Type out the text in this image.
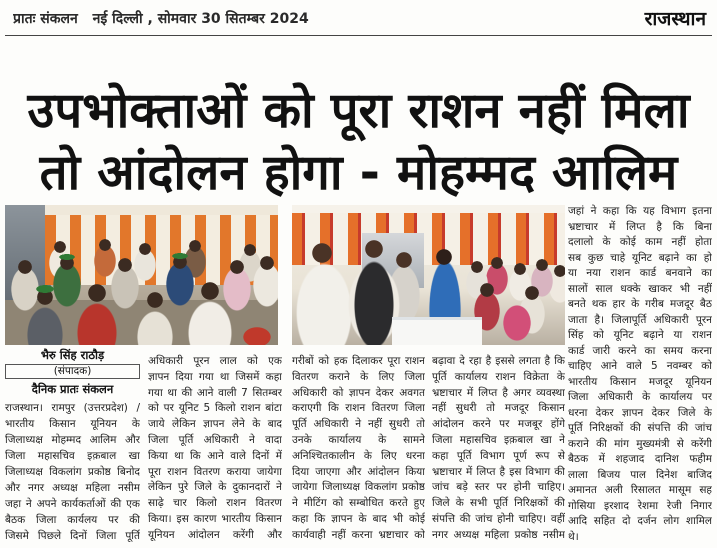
प्रातः संकलन नई दिल्ली , सोमवार 30 सितम्बर 2024	राजस्थान
उपभोक्ताओं को पूरा राशन नहीं मिला
तो आंदोलन होगा - मोहम्मद आलिम
भैरु सिंह राठौड़
(संपादक)
दैनिक प्रातः संकलन
राजस्थान। रामपुर (उत्तरप्रदेश) /
भारतीय किसान यूनियन के
जिलाध्यक्ष मोहम्मद आलिम और
जिला महासचिव इक़बाल खा
जिलाध्यक्ष विकलांग प्रकोष्ठ बिनोद
और नगर अध्यक्ष महिला नसीम
जहा ने अपने कार्यकर्ताओं की एक
बैठक जिला कार्यलय पर की
जिसमे पिछले दिनों जिला पूर्ति
अधिकारी पूरन लाल को एक
ज्ञापन दिया गया था जिसमें कहा
गया था की आने वाली 7 सितम्बर
को पर यूनिट 5 किलो राशन बांटा
जाये लेकिन ज्ञापन लेने के बाद
जिला पूर्ति अधिकारी ने वादा
किया था कि आने वाले दिनों में
पूरा राशन वितरण कराया जायेगा
लेकिन पुरे जिले के दुकानदारों ने
साढ़े चार किलो राशन वितरण
किया। इस कारण भारतीय किसान
यूनियन आंदोलन करेंगी और
गरीबों को हक दिलाकर पूरा राशन
वितरण कराने के लिए जिला
अधिकारी को ज्ञापन देकर अवगत
कराएगी कि राशन वितरण जिला
पूर्ति अधिकारी ने नहीं सुधरी तो
उनके कार्यालय के सामने
अनिश्चितकालीन के लिए धरना
दिया जाएगा और आंदोलन किया
जायेगा जिलाध्यक्ष विकलांग प्रकोष्ठ
ने मीटिंग को सम्बोधित करते हुए
कहा कि ज्ञापन के बाद भी कोई
कार्यवाही नहीं करना भ्रष्टाचार को
बढ़ावा दे रहा है इससे लगता है कि
पूर्ति कार्यालय राशन विक्रेता के
भ्रष्टाचार में लिप्त है अगर व्यवस्था
नहीं सुधरी तो मजदूर किसान
आंदोलन करने पर मजबूर होंगे
जिला महासचिव इक़बाल खा ने
कहा पूर्ति विभाग पूर्ण रूप से
भ्रष्टाचार में लिप्त है इस विभाग की
जांच बड़े स्तर पर होनी चाहिए।
जिले के सभी पूर्ति निरिक्षकों की
संपत्ति की जांच होनी चाहिए। वहीं
नगर अध्यक्ष महिला प्रकोष्ठ नसीम
जहां ने कहा कि यह विभाग इतना
भ्रष्टाचार में लिप्त है कि बिना
दलालो के कोई काम नहीं होता
सब कुछ चाहे यूनिट बढ़ाने का हो
या नया राशन कार्ड बनवाने का
सालों साल धक्के खाकर भी नहीं
बनते थक हार के गरीब मजदूर बैठ
जाता है। जिलापूर्ति अधिकारी पूरन
सिंह को यूनिट बढ़ाने या राशन
कार्ड जारी करने का समय करना
चाहिए आने वाले 5 नवम्बर को
भारतीय किसान मजदूर यूनियन
जिला अधिकारी के कार्यालय पर
धरना देकर ज्ञापन देकर जिले के
पूर्ति निरिक्षकों की संपत्ति की जांच
कराने की मांग मुख्यमंत्री से करेंगी
बैठक में शहजाद दानिश फहीम
लाला बिजय पाल दिनेश बाजिद
अमानत अली रिसालत मासूम सह
गोसिया इरशाद रेशमा रेजी निगार
आदि सहित दो दर्जन लोग शामिल
थे।
